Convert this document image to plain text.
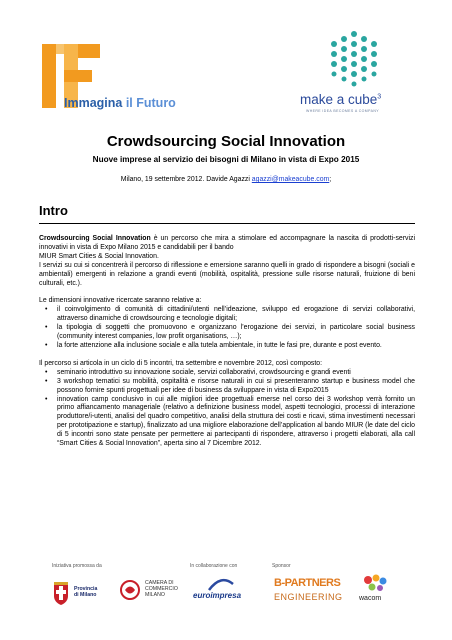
Immagina il Futuro	make a cube$^3$
WHERE IDEA BECOMES A COMPANY
Crowdsourcing Social Innovation
Nuove imprese al servizio dei bisogni di Milano in vista di Expo 2015
Milano, 19 settembre 2012. Davide Agazzi agazzi@makeacube.com;
Intro

Crowdsourcing Social Innovation è un percorso che mira a stimolare ed accompagnare la nascita di prodotti-servizi innovativi in vista di Expo Milano 2015 e candidabili per il bando

MIUR Smart Cities & Social Innovation.

I servizi su cui si concentrerà il percorso di riflessione e emersione saranno quelli in grado di rispondere a bisogni (sociali e ambientali) emergenti in relazione a grandi eventi (mobilità, ospitalità, pressione sulle risorse naturali, fruizione di beni culturali, etc.).

Le dimensioni innovative ricercate saranno relative a:

• il coinvolgimento di comunità di cittadini/utenti nell’ideazione, sviluppo ed erogazione di servizi collaborativi, attraverso dinamiche di crowdsourcing e tecnologie digitali;
• la tipologia di soggetti che promuovono e organizzano l’erogazione dei servizi, in particolare social business (community interest companies, low profit organisations, …);
• la forte attenzione alla inclusione sociale e alla tutela ambientale, in tutte le fasi pre, durante e post evento.

Il percorso si articola in un ciclo di 5 incontri, tra settembre e novembre 2012, così composto:

• seminario introduttivo su innovazione sociale, servizi collaborativi, crowdsourcing e grandi eventi
• 3 workshop tematici su mobilità, ospitalità e risorse naturali in cui si presenteranno startup e business model che possono fornire spunti progettuali per idee di business da sviluppare in vista di Expo2015
• innovation camp conclusivo in cui alle migliori idee progettuali emerse nel corso dei 3 workshop verrà fornito un primo affiancamento manageriale (relativo a definizione business model, aspetti tecnologici, processi di interazione produttore/i-utenti, analisi del quadro competitivo, analisi della struttura dei costi e ricavi, stima investimenti necessari per prototipazione e startup), finalizzato ad una migliore elaborazione dell’application al bando MIUR (le date del ciclo di 5 incontri sono state pensate per permettere ai partecipanti di rispondere, attraverso i progetti elaborati, alla call “Smart Cities & Social Innovation”, aperta sino al 7 Dicembre 2012.
Iniziativa promossa da	In collaborazione con	Sponsor
Provincia
di Milano
CAMERA DI
COMMERCIO
MILANO	euroimpresa
B-PARTNERS
ENGINEERING wacom
